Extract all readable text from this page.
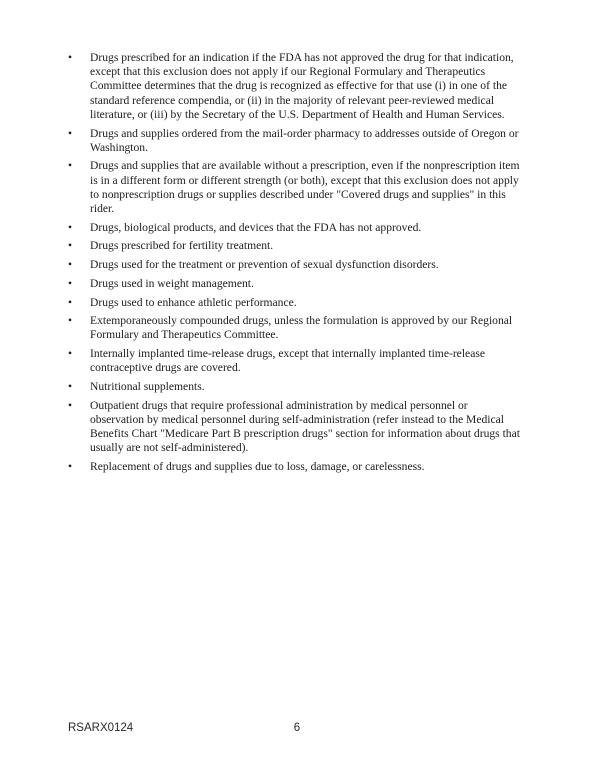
•	Drugs prescribed for an indication if the FDA has not approved the drug for that indication, except that this exclusion does not apply if our Regional Formulary and Therapeutics Committee determines that the drug is recognized as effective for that use (i) in one of the standard reference compendia, or (ii) in the majority of relevant peer-reviewed medical literature, or (iii) by the Secretary of the U.S. Department of Health and Human Services.
•	Drugs and supplies ordered from the mail-order pharmacy to addresses outside of Oregon or Washington.
•	Drugs and supplies that are available without a prescription, even if the nonprescription item is in a different form or different strength (or both), except that this exclusion does not apply to nonprescription drugs or supplies described under "Covered drugs and supplies" in this rider.
•	Drugs, biological products, and devices that the FDA has not approved.
•	Drugs prescribed for fertility treatment.
•	Drugs used for the treatment or prevention of sexual dysfunction disorders.
•	Drugs used in weight management.
•	Drugs used to enhance athletic performance.
•	Extemporaneously compounded drugs, unless the formulation is approved by our Regional Formulary and Therapeutics Committee.
•	Internally implanted time-release drugs, except that internally implanted time-release contraceptive drugs are covered.
•	Nutritional supplements.
•	Outpatient drugs that require professional administration by medical personnel or observation by medical personnel during self-administration (refer instead to the Medical Benefits Chart "Medicare Part B prescription drugs" section for information about drugs that usually are not self-administered).
•	Replacement of drugs and supplies due to loss, damage, or carelessness.
RSARX0124	6
